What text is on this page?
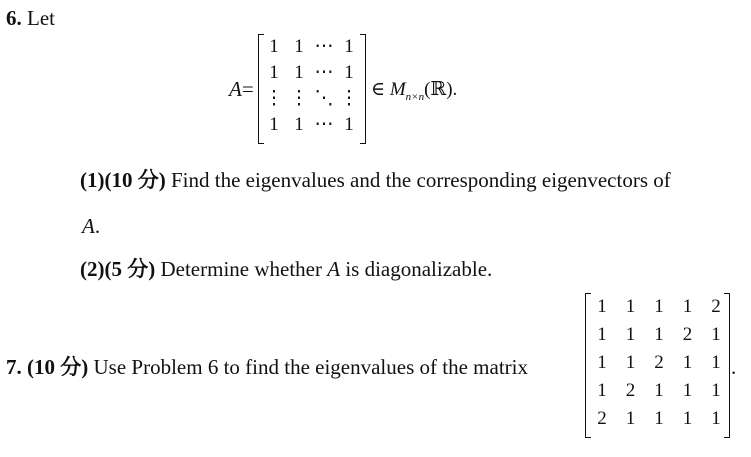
6. Let
A=
1 1 ⋯ 1
1 1 ⋯ 1
⋮ ⋮ ⋱ ⋮
1 1 ⋯ 1
∈ $M_{n\times n}(ℝ)$.
(1)(10 分) Find the eigenvalues and the corresponding eigenvectors of
A.
(2)(5 分) Determine whether A is diagonalizable.
7. (10 分) Use Problem 6 to find the eigenvalues of the matrix
1 1 1 1 2
1 1 1 2 1
1 1 2 1 1
1 2 1 1 1
2 1 1 1 1
.
